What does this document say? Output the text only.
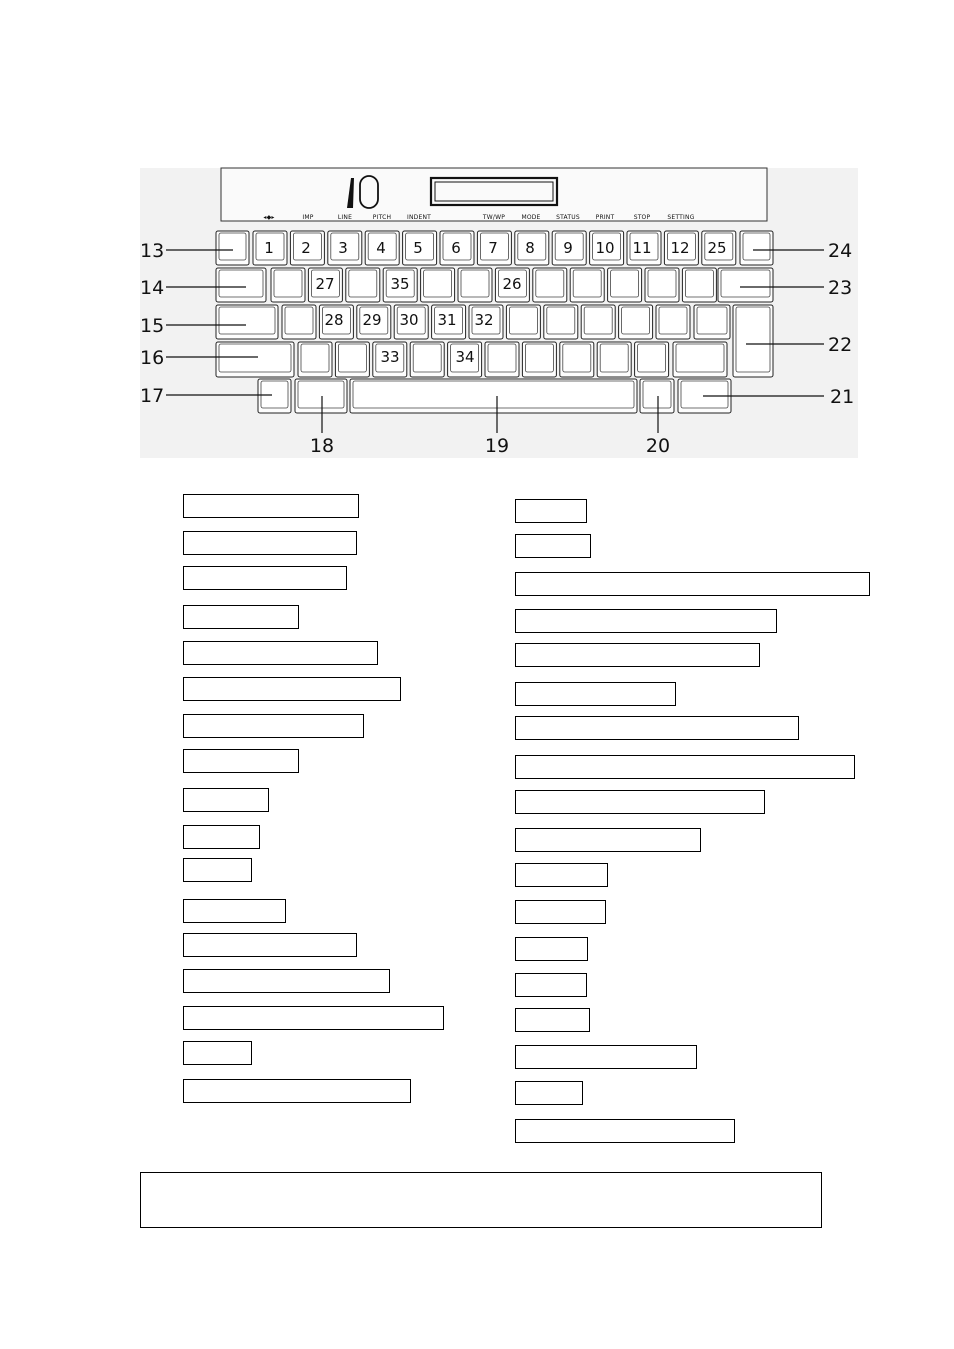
◂◆▸	IMP	LINE	PITCH	INDENT	TW/WP	MODE	STATUS	PRINT	STOP	SETTING
1 2 3 4 5 6 7 8 9 10 11 12 25
27	35	26
28 29 30 31 32
33	34
13
14
15
16
17
24
23
22
21
18	19	20
